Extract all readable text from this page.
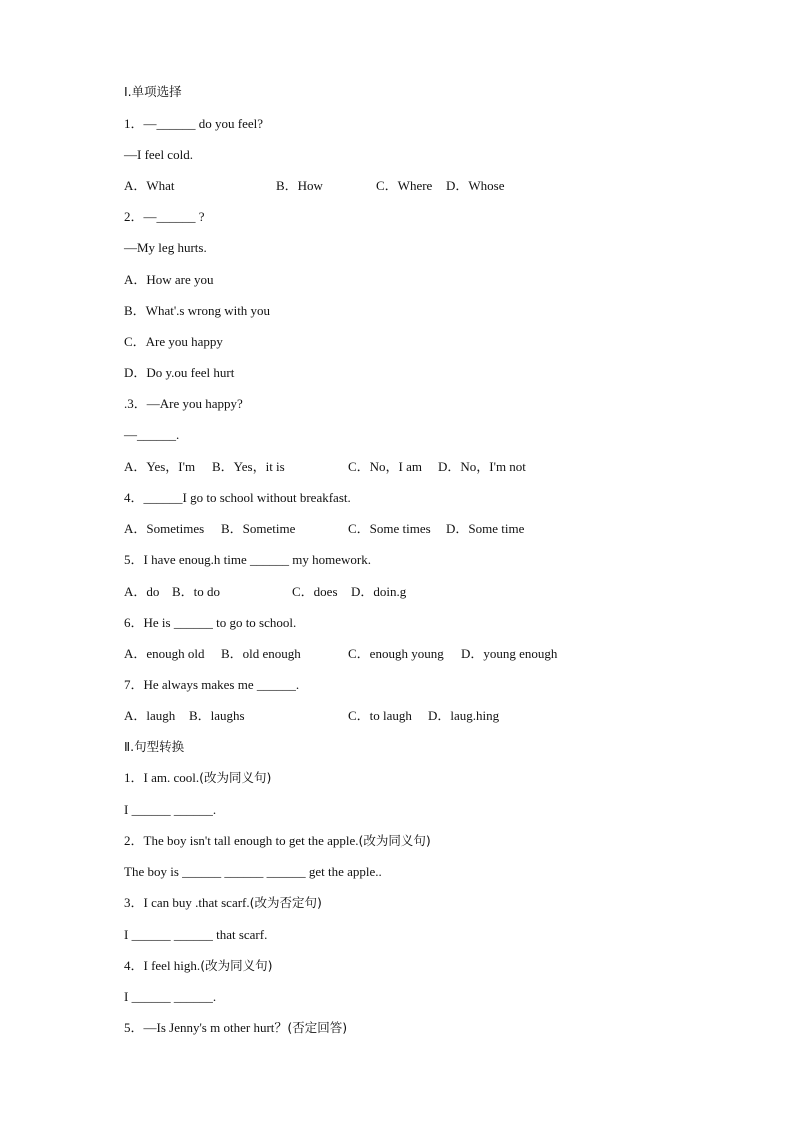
Ⅰ.单项选择
1．—______ do you feel?
—I feel cold.

A．What

	B．How

	C．Where

D．Whose

2．—______ ?
—My leg hurts.
A．How are you
B．What'.s wrong with you
C．Are you happy
D．Do y.ou feel hurt
.3．—Are you happy?
—______.

A．Yes，I'm

B．Yes，it is

	C．No，I am

D．No，I'm not

4．______I go to school without breakfast.

A．Sometimes

B．Sometime

	C．Some times

D．Some time

5．I have enoug.h time ______ my homework.

A．do

B．to do

	C．does

D．doin.g

6．He is ______ to go to school.

A．enough old

B．old enough

	C．enough young

D．young enough

7．He always makes me ______.

A．laugh

B．laughs

	C．to laugh

D．laug.hing

Ⅱ.句型转换
1．I am. cool.(改为同义句)
I ______ ______.
2．The boy isn't tall enough to get the apple.(改为同义句)
The boy is ______ ______ ______ get the apple..
3．I can buy .that scarf.(改为否定句)
I ______ ______ that scarf.
4．I feel high.(改为同义句)
I ______ ______.
5．—Is Jenny's m other hurt？(否定回答)
